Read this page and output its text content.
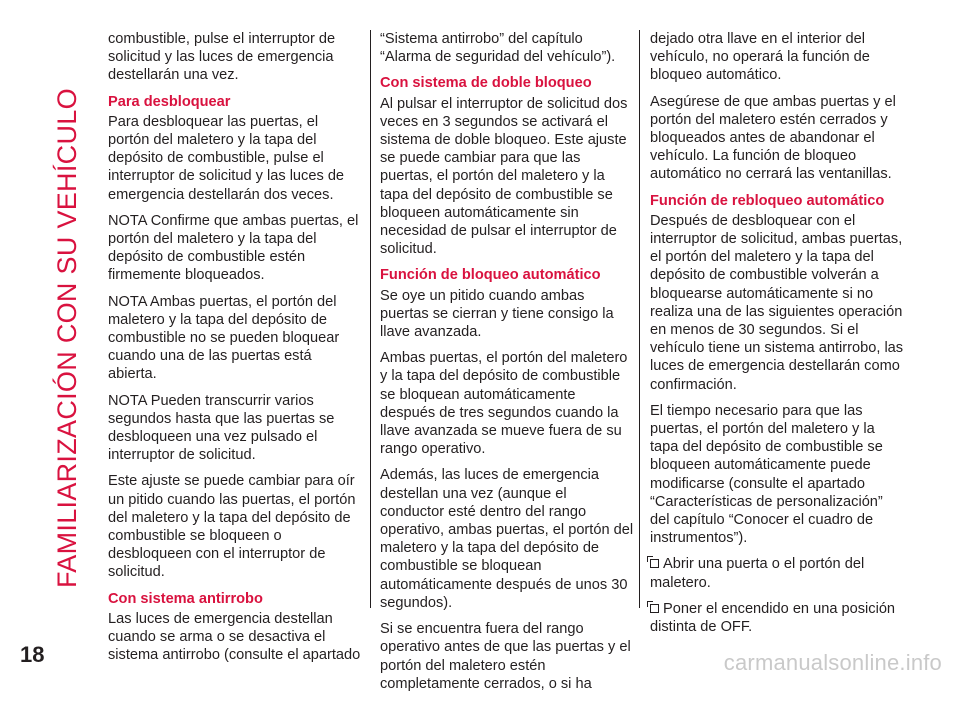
FAMILIARIZACIÓN CON SU VEHÍCULO

combustible, pulse el interruptor de solicitud y las luces de emergencia destellarán una vez.

Para desbloquear

Para desbloquear las puertas, el portón del maletero y la tapa del depósito de combustible, pulse el interruptor de solicitud y las luces de emergencia destellarán dos veces.

NOTA Confirme que ambas puertas, el portón del maletero y la tapa del depósito de combustible estén firmemente bloqueados.

NOTA Ambas puertas, el portón del maletero y la tapa del depósito de combustible no se pueden bloquear cuando una de las puertas está abierta.

NOTA Pueden transcurrir varios segundos hasta que las puertas se desbloqueen una vez pulsado el interruptor de solicitud.

Este ajuste se puede cambiar para oír un pitido cuando las puertas, el portón del maletero y la tapa del depósito de combustible se bloqueen o desbloqueen con el interruptor de solicitud.

Con sistema antirrobo

Las luces de emergencia destellan cuando se arma o se desactiva el sistema antirrobo (consulte el apartado

“Sistema antirrobo” del capítulo “Alarma de seguridad del vehículo”).

Con sistema de doble bloqueo

Al pulsar el interruptor de solicitud dos veces en 3 segundos se activará el sistema de doble bloqueo. Este ajuste se puede cambiar para que las puertas, el portón del maletero y la tapa del depósito de combustible se bloqueen automáticamente sin necesidad de pulsar el interruptor de solicitud.

Función de bloqueo automático

Se oye un pitido cuando ambas puertas se cierran y tiene consigo la llave avanzada.

Ambas puertas, el portón del maletero y la tapa del depósito de combustible se bloquean automáticamente después de tres segundos cuando la llave avanzada se mueve fuera de su rango operativo.

Además, las luces de emergencia destellan una vez (aunque el conductor esté dentro del rango operativo, ambas puertas, el portón del maletero y la tapa del depósito de combustible se bloquean automáticamente después de unos 30 segundos).

Si se encuentra fuera del rango operativo antes de que las puertas y el portón del maletero estén completamente cerrados, o si ha

dejado otra llave en el interior del vehículo, no operará la función de bloqueo automático.

Asegúrese de que ambas puertas y el portón del maletero estén cerrados y bloqueados antes de abandonar el vehículo. La función de bloqueo automático no cerrará las ventanillas.

Función de rebloqueo automático

Después de desbloquear con el interruptor de solicitud, ambas puertas, el portón del maletero y la tapa del depósito de combustible volverán a bloquearse automáticamente si no realiza una de las siguientes operación en menos de 30 segundos. Si el vehículo tiene un sistema antirrobo, las luces de emergencia destellarán como confirmación.

El tiempo necesario para que las puertas, el portón del maletero y la tapa del depósito de combustible se bloqueen automáticamente puede modificarse (consulte el apartado “Características de personalización” del capítulo “Conocer el cuadro de instrumentos”).

Abrir una puerta o el portón del maletero.

Poner el encendido en una posición distinta de OFF.

18	carmanualsonline.info
